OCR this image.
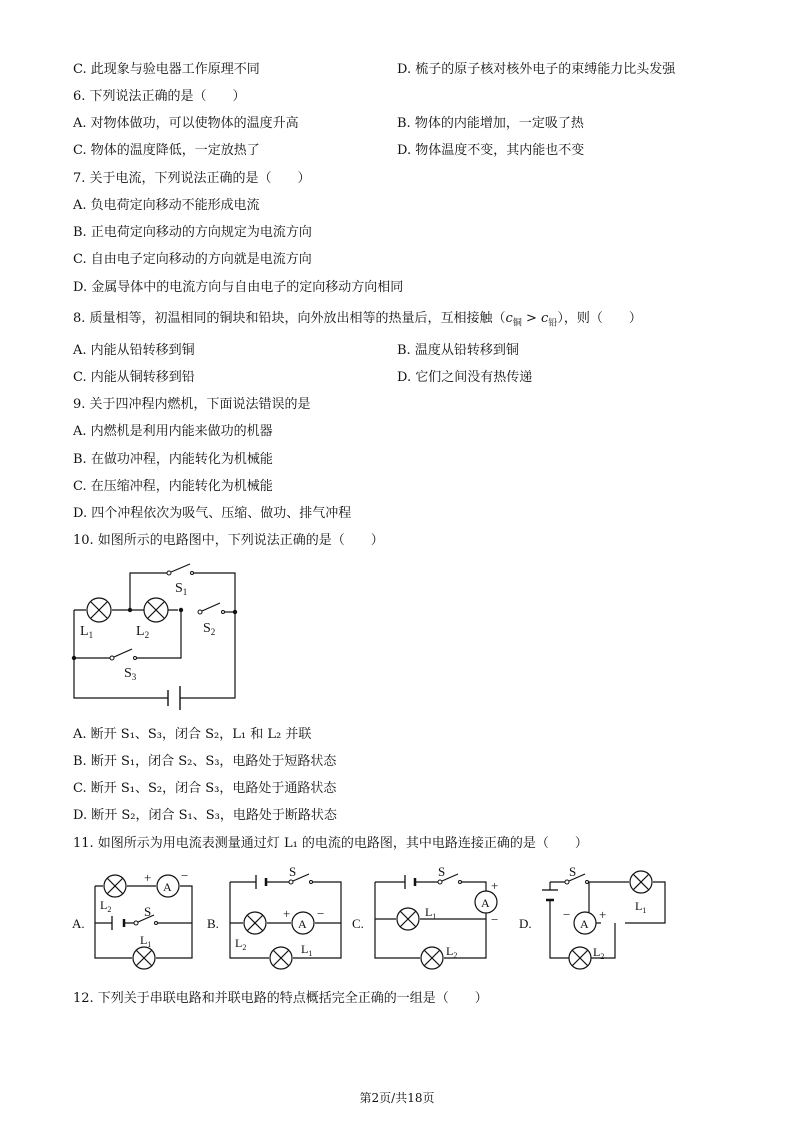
C. 此现象与验电器工作原理不同	D. 梳子的原子核对核外电子的束缚能力比头发强
6. 下列说法正确的是（　　）
A. 对物体做功，可以使物体的温度升高	B. 物体的内能增加，一定吸了热
C. 物体的温度降低，一定放热了	D. 物体温度不变，其内能也不变
7. 关于电流，下列说法正确的是（　　）
A. 负电荷定向移动不能形成电流
B. 正电荷定向移动的方向规定为电流方向
C. 自由电子定向移动的方向就是电流方向
D. 金属导体中的电流方向与自由电子的定向移动方向相同
8. 质量相等，初温相同的铜块和铅块，向外放出相等的热量后，互相接触$(c_铜 > c_铅)$，则（　　）
A. 内能从铅转移到铜	B. 温度从铅转移到铜
C. 内能从铜转移到铅	D. 它们之间没有热传递
9. 关于四冲程内燃机，下面说法错误的是
A. 内燃机是利用内能来做功的机器
B. 在做功冲程，内能转化为机械能
C. 在压缩冲程，内能转化为机械能
D. 四个冲程依次为吸气、压缩、做功、排气冲程
10. 如图所示的电路图中，下列说法正确的是（　　）
$S_1$
$S_2$
$S_3$
$L_1$	$L_2$
A. 断开 S₁、S₃，闭合 S₂，L₁ 和 L₂ 并联
B. 断开 S₁，闭合 S₂、S₃，电路处于短路状态
C. 断开 S₁、S₂，闭合 S₃，电路处于通路状态
D. 断开 S₂，闭合 S₁、S₃，电路处于断路状态
11. 如图所示为用电流表测量通过灯 L₁ 的电流的电路图，其中电路连接正确的是（　　）
A.
A
+ −
S
$L_2$
$L_1$
B.
S
A
+ −
$L_2$	$L_1$
C.
S
A
+
−
$L_1$
$L_2$
D.
S
A
− +
$L_1$
$L_2$
12. 下列关于串联电路和并联电路的特点概括完全正确的一组是（　　）
第2页/共18页
